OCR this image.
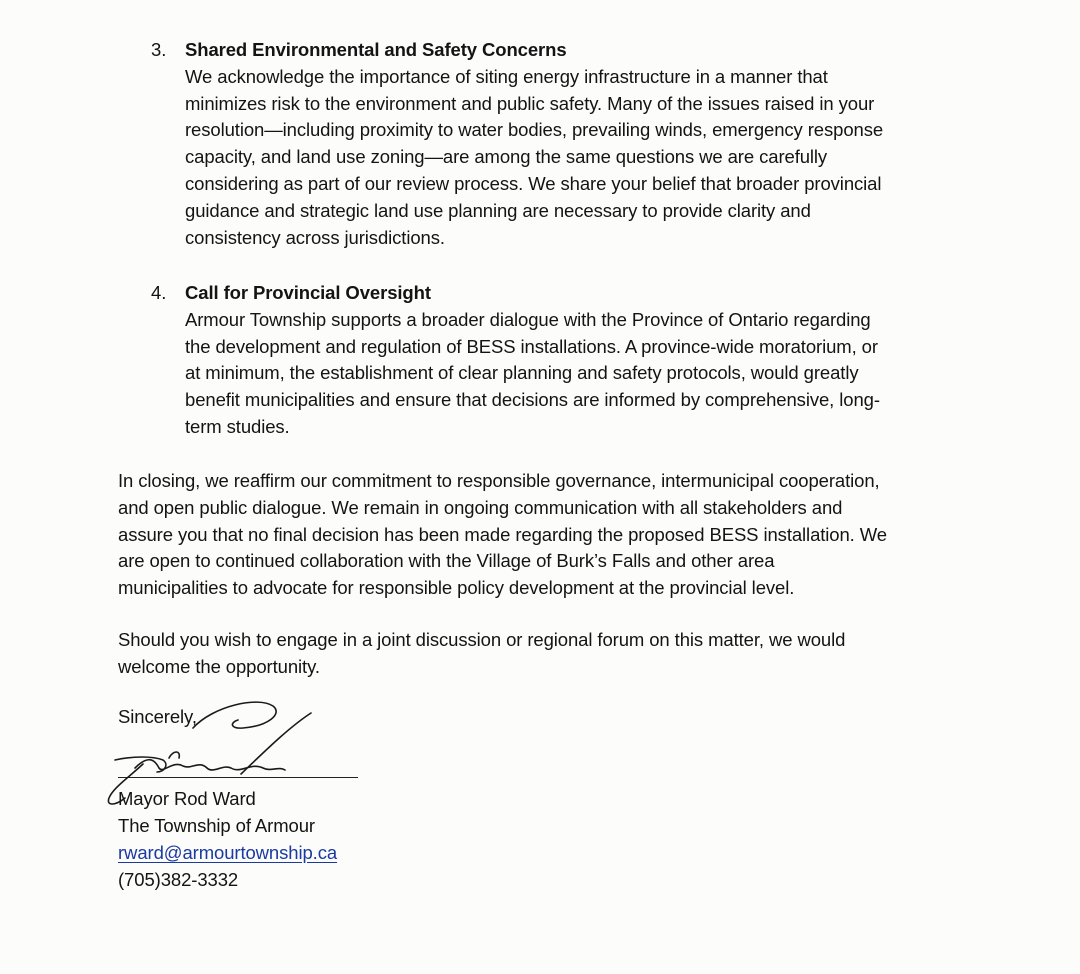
3.	Shared Environmental and Safety Concerns
We acknowledge the importance of siting energy infrastructure in a manner that
minimizes risk to the environment and public safety. Many of the issues raised in your
resolution—including proximity to water bodies, prevailing winds, emergency response
capacity, and land use zoning—are among the same questions we are carefully
considering as part of our review process. We share your belief that broader provincial
guidance and strategic land use planning are necessary to provide clarity and
consistency across jurisdictions.
4.	Call for Provincial Oversight
Armour Township supports a broader dialogue with the Province of Ontario regarding
the development and regulation of BESS installations. A province-wide moratorium, or
at minimum, the establishment of clear planning and safety protocols, would greatly
benefit municipalities and ensure that decisions are informed by comprehensive, long-
term studies.
In closing, we reaffirm our commitment to responsible governance, intermunicipal cooperation,
and open public dialogue. We remain in ongoing communication with all stakeholders and
assure you that no final decision has been made regarding the proposed BESS installation. We
are open to continued collaboration with the Village of Burk’s Falls and other area
municipalities to advocate for responsible policy development at the provincial level.
Should you wish to engage in a joint discussion or regional forum on this matter, we would
welcome the opportunity.
Sincerely,
Mayor Rod Ward
The Township of Armour
rward@armourtownship.ca
(705)382-3332
